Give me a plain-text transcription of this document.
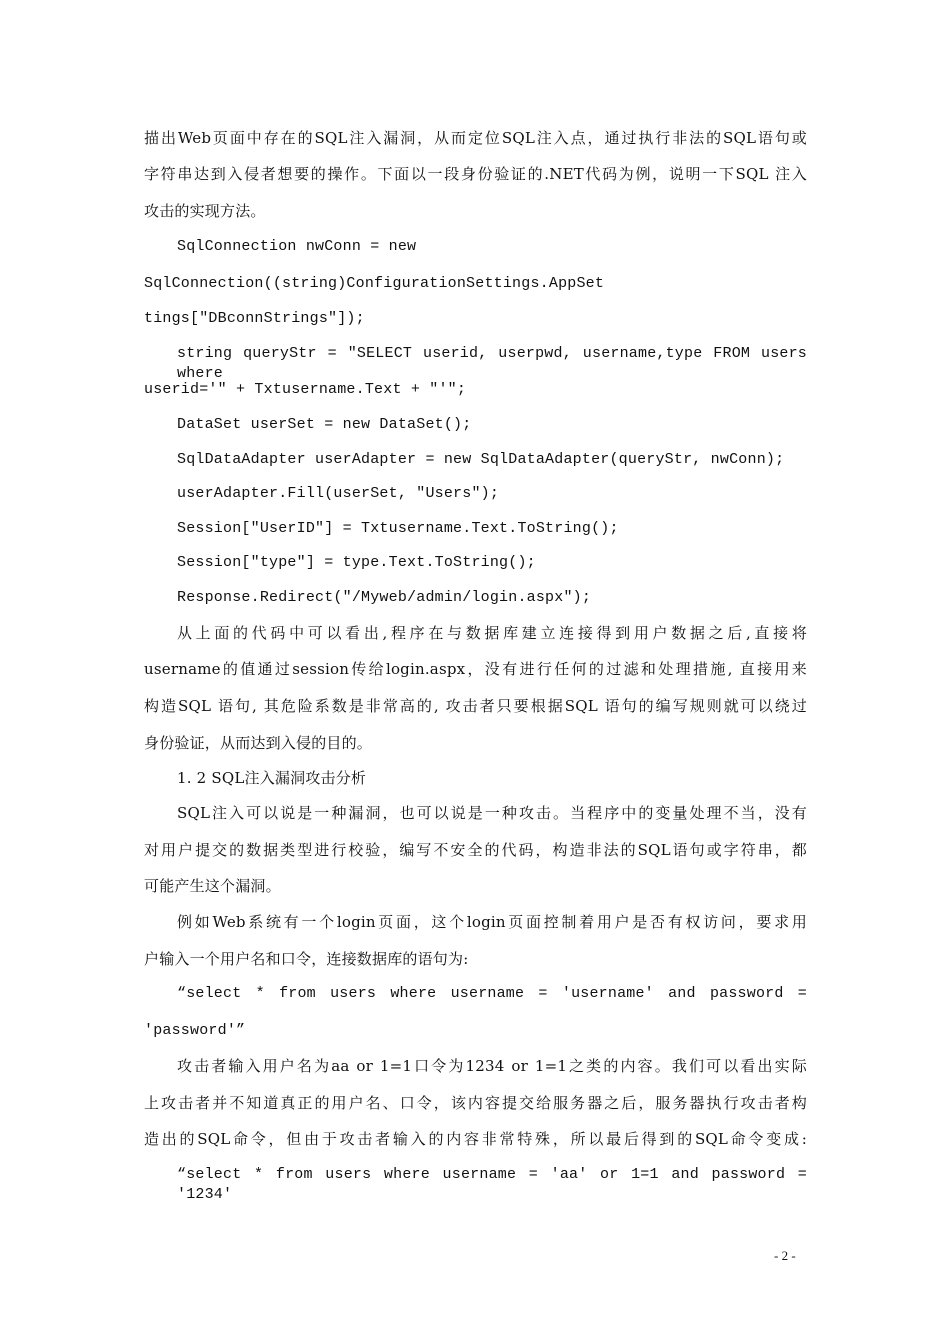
描出Web页面中存在的SQL注入漏洞，从而定位SQL注入点，通过执行非法的SQL语句或
字符串达到入侵者想要的操作。下面以一段身份验证的.NET代码为例，说明一下SQL 注入
攻击的实现方法。
SqlConnection nwConn = new
SqlConnection((string)ConfigurationSettings.AppSet
tings["DBconnStrings"]);
string queryStr = "SELECT userid, userpwd, username,type FROM users where
userid='" + Txtusername.Text + "'";
DataSet userSet = new DataSet();
SqlDataAdapter userAdapter = new SqlDataAdapter(queryStr, nwConn);
userAdapter.Fill(userSet, "Users");
Session["UserID"] = Txtusername.Text.ToString();
Session["type"] = type.Text.ToString();
Response.Redirect("/Myweb/admin/login.aspx");
从上面的代码中可以看出,程序在与数据库建立连接得到用户数据之后,直接将
username的值通过session传给login.aspx，没有进行任何的过滤和处理措施, 直接用来
构造SQL 语句, 其危险系数是非常高的, 攻击者只要根据SQL 语句的编写规则就可以绕过
身份验证，从而达到入侵的目的。
1. 2 SQL注入漏洞攻击分析
SQL注入可以说是一种漏洞，也可以说是一种攻击。当程序中的变量处理不当，没有
对用户提交的数据类型进行校验，编写不安全的代码，构造非法的SQL语句或字符串，都
可能产生这个漏洞。
例如Web系统有一个login页面，这个login页面控制着用户是否有权访问，要求用
户输入一个用户名和口令，连接数据库的语句为:
“select * from users where username = 'username' and password =
'password'”
攻击者输入用户名为aa or 1=1口令为1234 or 1=1之类的内容。我们可以看出实际
上攻击者并不知道真正的用户名、口令，该内容提交给服务器之后，服务器执行攻击者构
造出的SQL命令，但由于攻击者输入的内容非常特殊，所以最后得到的SQL命令变成:
“select * from users where username = 'aa' or 1=1 and password = '1234'
- 2 -
